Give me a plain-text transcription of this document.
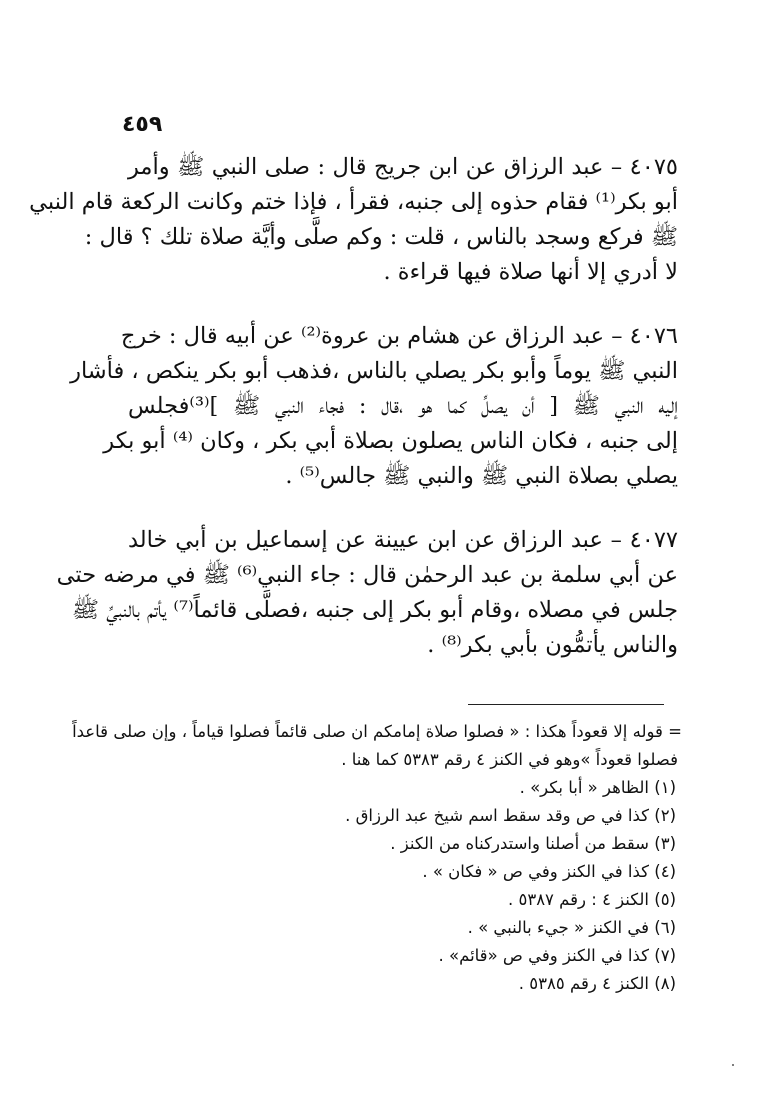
٤٥٩
٤٠٧٥ – عبد الرزاق عن ابن جريج قال : صلى النبي ﷺ وأمر
أبو بكر⁽¹⁾ فقام حذوه إلى جنبه، فقرأ ، فإذا ختم وكانت الركعة قام النبي
ﷺ فركع وسجد بالناس ، قلت : وكم صلَّى وأيَّة صلاة تلك ؟ قال :
لا أدري إلا أنها صلاة فيها قراءة .
٤٠٧٦ – عبد الرزاق عن هشام بن عروة⁽²⁾ عن أبيه قال : خرج
النبي ﷺ يوماً وأبو بكر يصلي بالناس ،فذهب أبو بكر ينكص ، فأشار
إليه النبي ﷺ [ أن يصلِّ كما هو ،قال : فجاء النبي ﷺ ]⁽³⁾فجلس
إلى جنبه ، فكان الناس يصلون بصلاة أبي بكر ، وكان ⁽⁴⁾ أبو بكر
يصلي بصلاة النبي ﷺ والنبي ﷺ جالس⁽⁵⁾ .
٤٠٧٧ – عبد الرزاق عن ابن عيينة عن إسماعيل بن أبي خالد
عن أبي سلمة بن عبد الرحمٰن قال : جاء النبي⁽⁶⁾ ﷺ في مرضه حتى
جلس في مصلاه ،وقام أبو بكر إلى جنبه ،فصلَّى قائماً⁽⁷⁾ يأتم بالنبيِّ ﷺ
والناس يأتمُّون بأبي بكر⁽⁸⁾ .
= قوله إلا قعوداً هكذا : « فصلوا صلاة إمامكم ان صلى قائماً فصلوا قياماً ، وإن صلى قاعداً
فصلوا قعوداً »وهو في الكنز ٤ رقم ٥٣٨٣ كما هنا .
(١) الظاهر « أبا بكر» .
(٢) كذا في ص وقد سقط اسم شيخ عبد الرزاق .
(٣) سقط من أصلنا واستدركناه من الكنز .
(٤) كذا في الكنز وفي ص « فكان » .
(٥) الكنز ٤ : رقم ٥٣٨٧ .
(٦) في الكنز « جيء بالنبي » .
(٧) كذا في الكنز وفي ص «قائم» .
(٨) الكنز ٤ رقم ٥٣٨٥ .
